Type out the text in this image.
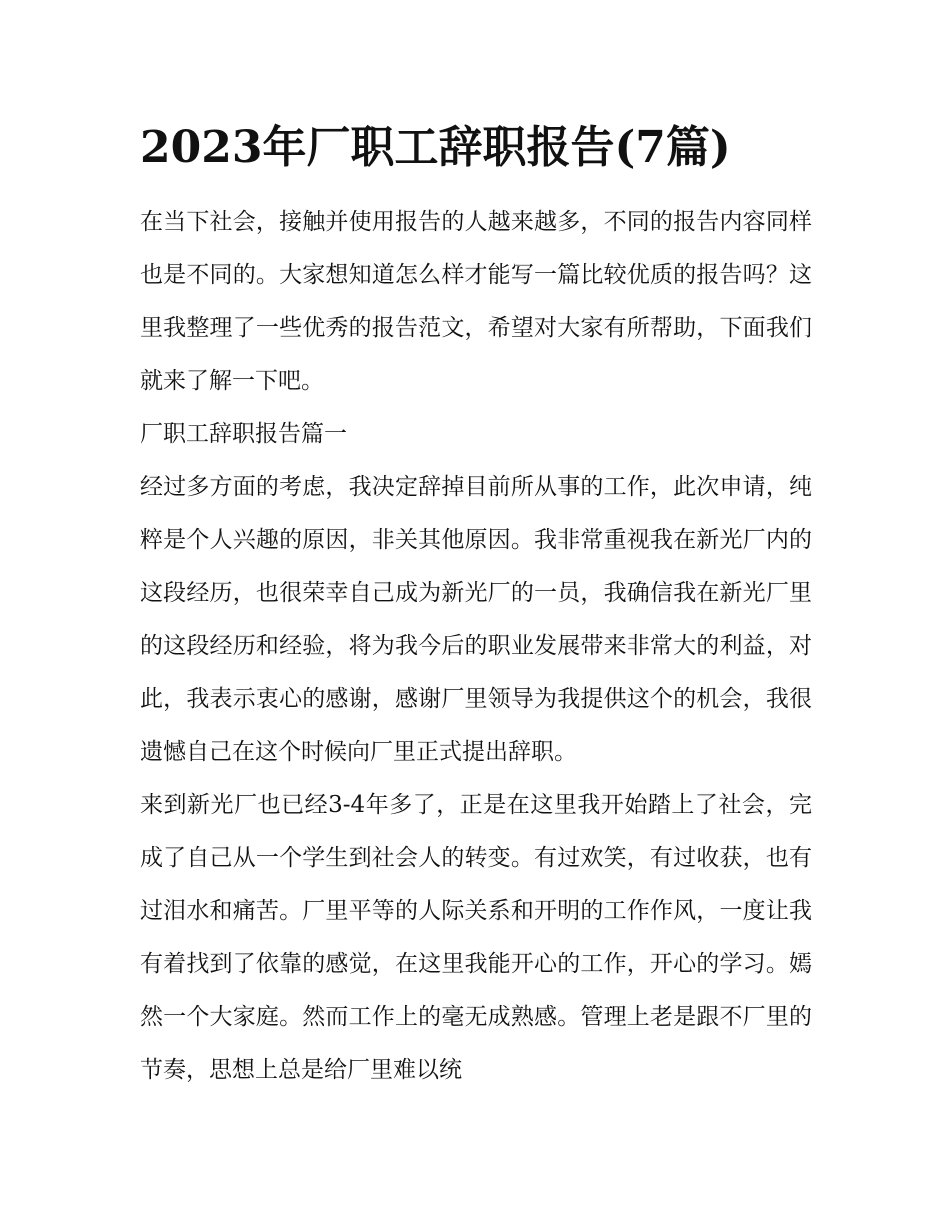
2023年厂职工辞职报告(7篇)

在当下社会，接触并使用报告的人越来越多，不同的报告内容同样也是不同的。大家想知道怎么样才能写一篇比较优质的报告吗？这里我整理了一些优秀的报告范文，希望对大家有所帮助，下面我们就来了解一下吧。

厂职工辞职报告篇一

经过多方面的考虑，我决定辞掉目前所从事的工作，此次申请，纯粹是个人兴趣的原因，非关其他原因。我非常重视我在新光厂内的这段经历，也很荣幸自己成为新光厂的一员，我确信我在新光厂里的这段经历和经验，将为我今后的职业发展带来非常大的利益，对此，我表示衷心的感谢，感谢厂里领导为我提供这个的机会，我很遗憾自己在这个时候向厂里正式提出辞职。

来到新光厂也已经3-4年多了，正是在这里我开始踏上了社会，完成了自己从一个学生到社会人的转变。有过欢笑，有过收获，也有过泪水和痛苦。厂里平等的人际关系和开明的工作作风，一度让我有着找到了依靠的感觉，在这里我能开心的工作，开心的学习。嫣然一个大家庭。然而工作上的毫无成熟感。管理上老是跟不厂里的节奏，思想上总是给厂里难以统
